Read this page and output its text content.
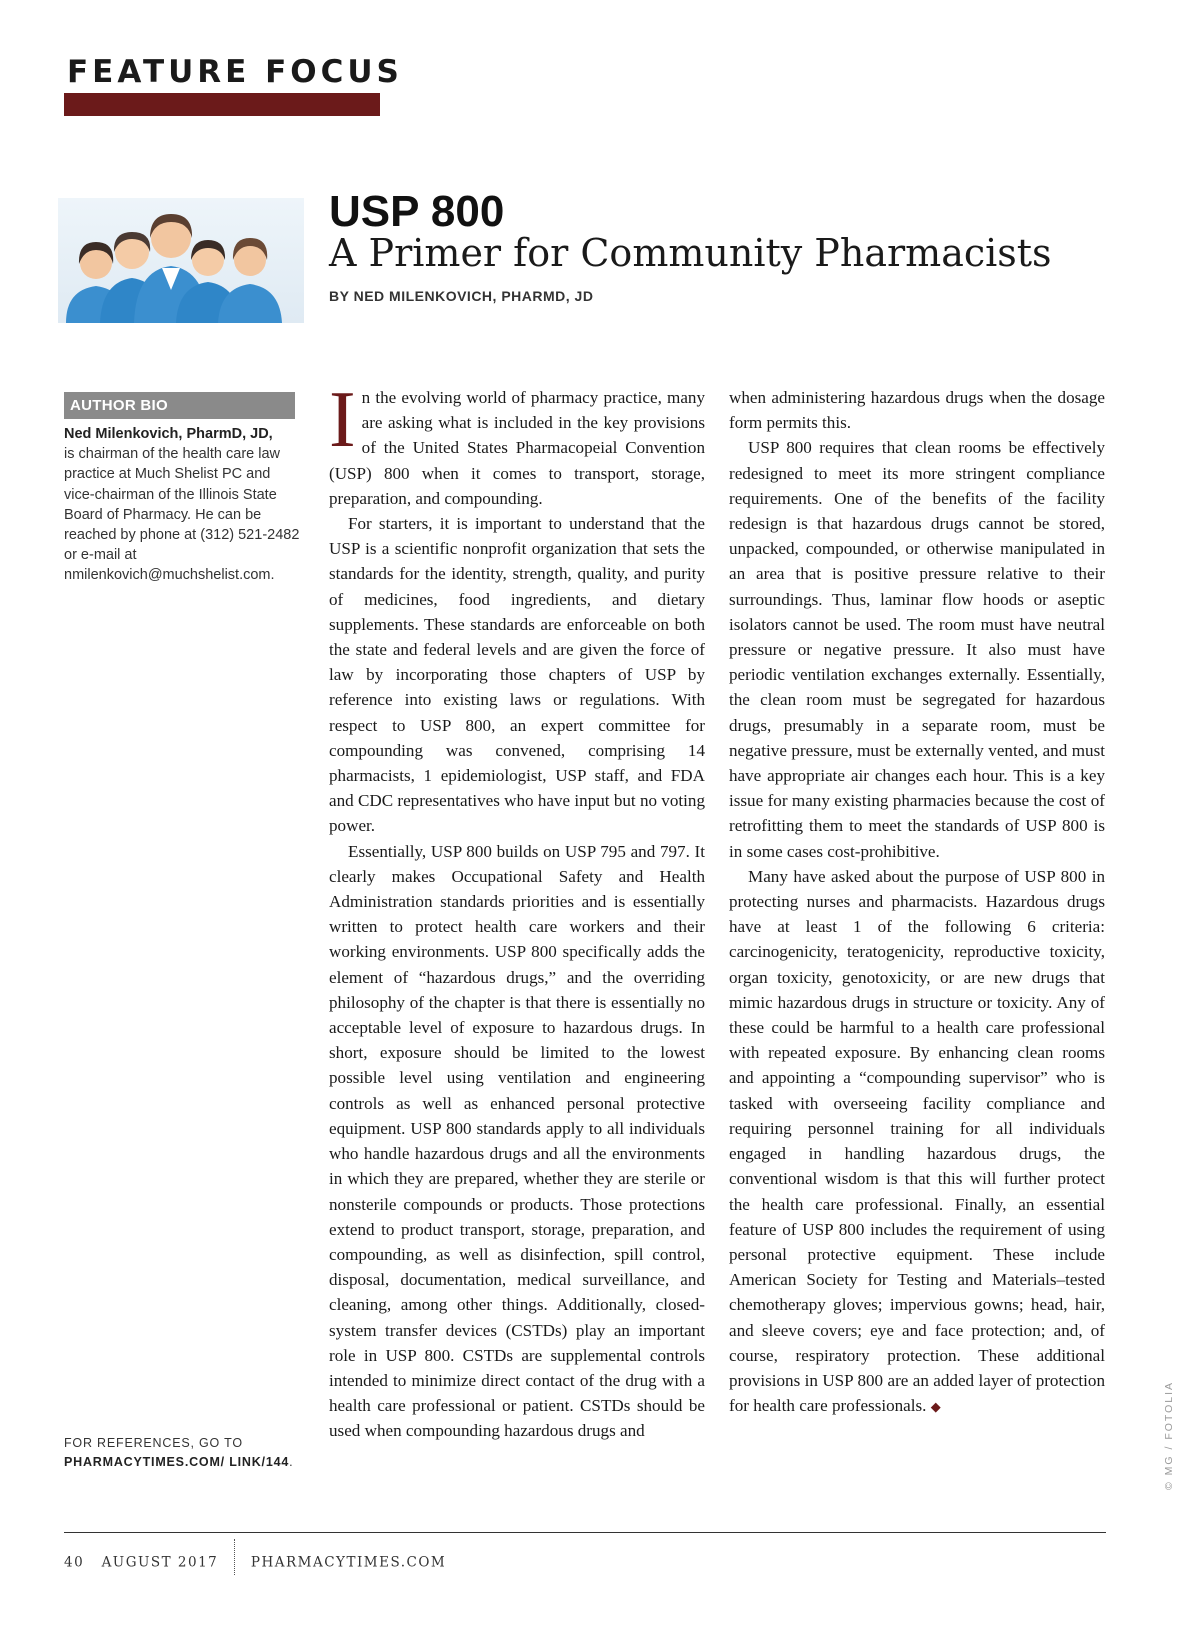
FEATURE FOCUS
USP 800
A Primer for Community Pharmacists
BY NED MILENKOVICH, PHARMD, JD
AUTHOR BIO
Ned Milenkovich, PharmD, JD,
is chairman of the health care law practice at Much Shelist PC and vice-chairman of the Illinois State Board of Pharmacy. He can be reached by phone at (312) 521-2482 or e-mail at nmilenkovich@muchshelist.com.
FOR REFERENCES, GO TO
PHARMACYTIMES.COM/ LINK/144.

In the evolving world of pharmacy practice, many are asking what is included in the key provisions of the United States Pharmacopeial Convention (USP) 800 when it comes to transport, storage, preparation, and compounding.

For starters, it is important to understand that the USP is a scientific nonprofit organization that sets the standards for the identity, strength, quality, and purity of medicines, food ingredients, and dietary supplements. These standards are enforceable on both the state and federal levels and are given the force of law by incorporating those chapters of USP by reference into existing laws or regulations. With respect to USP 800, an expert committee for compounding was convened, comprising 14 pharmacists, 1 epidemiologist, USP staff, and FDA and CDC representatives who have input but no voting power.

Essentially, USP 800 builds on USP 795 and 797. It clearly makes Occupational Safety and Health Administration standards priorities and is essentially written to protect health care workers and their working environments. USP 800 specifically adds the element of “hazardous drugs,” and the overriding philosophy of the chapter is that there is essentially no acceptable level of exposure to hazardous drugs. In short, exposure should be limited to the lowest possible level using ventilation and engineering controls as well as enhanced personal protective equipment. USP 800 standards apply to all individuals who handle hazardous drugs and all the environments in which they are prepared, whether they are sterile or nonsterile compounds or products. Those protections extend to product transport, storage, preparation, and compounding, as well as disinfection, spill control, disposal, documentation, medical surveillance, and cleaning, among other things. Additionally, closed-system transfer devices (CSTDs) play an important role in USP 800. CSTDs are supplemental controls intended to minimize direct contact of the drug with a health care professional or patient. CSTDs should be used when compounding hazardous drugs and

when administering hazardous drugs when the dosage form permits this.

USP 800 requires that clean rooms be effectively redesigned to meet its more stringent compliance requirements. One of the benefits of the facility redesign is that hazardous drugs cannot be stored, unpacked, compounded, or otherwise manipulated in an area that is positive pressure relative to their surroundings. Thus, laminar flow hoods or aseptic isolators cannot be used. The room must have neutral pressure or negative pressure. It also must have periodic ventilation exchanges externally. Essentially, the clean room must be segregated for hazardous drugs, presumably in a separate room, must be negative pressure, must be externally vented, and must have appropriate air changes each hour. This is a key issue for many existing pharmacies because the cost of retrofitting them to meet the standards of USP 800 is in some cases cost-prohibitive.

Many have asked about the purpose of USP 800 in protecting nurses and pharmacists. Hazardous drugs have at least 1 of the following 6 criteria: carcinogenicity, teratogenicity, reproductive toxicity, organ toxicity, genotoxicity, or are new drugs that mimic hazardous drugs in structure or toxicity. Any of these could be harmful to a health care professional with repeated exposure. By enhancing clean rooms and appointing a “compounding supervisor” who is tasked with overseeing facility compliance and requiring personnel training for all individuals engaged in handling hazardous drugs, the conventional wisdom is that this will further protect the health care professional. Finally, an essential feature of USP 800 includes the requirement of using personal protective equipment. These include American Society for Testing and Materials–tested chemotherapy gloves; impervious gowns; head, hair, and sleeve covers; eye and face protection; and, of course, respiratory protection. These additional provisions in USP 800 are an added layer of protection for health care professionals. ◆	© MG / FOTOLIA
40 AUGUST 2017 PHARMACYTIMES.COM
